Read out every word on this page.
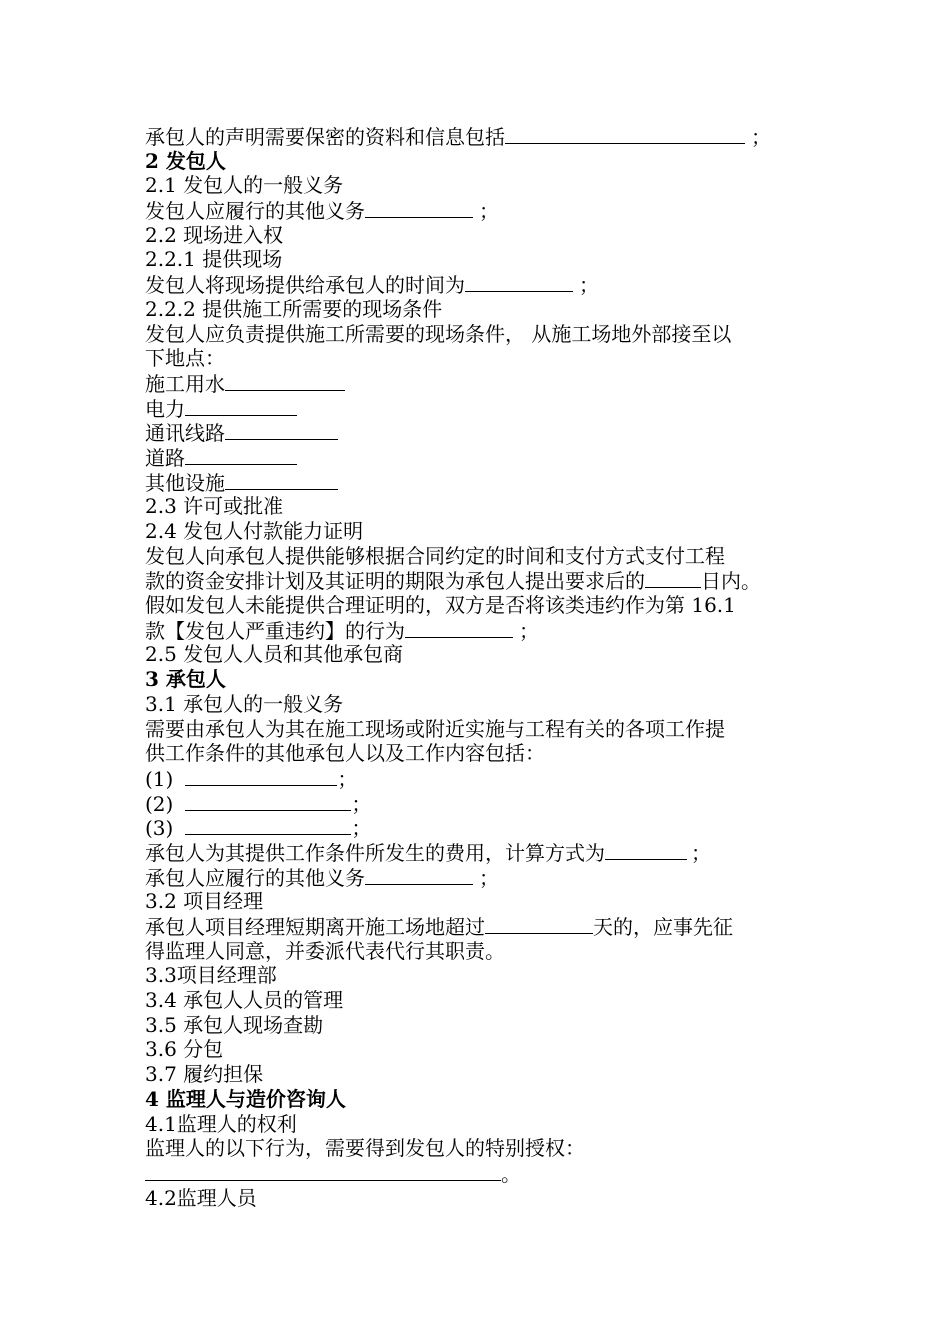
承包人的声明需要保密的资料和信息包括	；
2 发包人
2.1 发包人的一般义务
发包人应履行的其他义务	；
2.2 现场进入权
2.2.1 提供现场
发包人将现场提供给承包人的时间为	；
2.2.2 提供施工所需要的现场条件
发包人应负责提供施工所需要的现场条件， 从施工场地外部接至以
下地点：
施工用水
电力
通讯线路
道路
其他设施
2.3 许可或批准
2.4 发包人付款能力证明
发包人向承包人提供能够根据合同约定的时间和支付方式支付工程
款的资金安排计划及其证明的期限为承包人提出要求后的	日内。
假如发包人未能提供合理证明的，双方是否将该类违约作为第 16.1
款【发包人严重违约】的行为	；
2.5 发包人人员和其他承包商
3 承包人
3.1 承包人的一般义务
需要由承包人为其在施工现场或附近实施与工程有关的各项工作提
供工作条件的其他承包人以及工作内容包括：
(1)	；
(2)	；
(3)	；
承包人为其提供工作条件所发生的费用，计算方式为	；
承包人应履行的其他义务	；
3.2 项目经理
承包人项目经理短期离开施工场地超过	天的，应事先征
得监理人同意，并委派代表代行其职责。
3.3项目经理部
3.4 承包人人员的管理
3.5 承包人现场查勘
3.6 分包
3.7 履约担保
4 监理人与造价咨询人
4.1监理人的权利
监理人的以下行为，需要得到发包人的特别授权：
。
4.2监理人员
